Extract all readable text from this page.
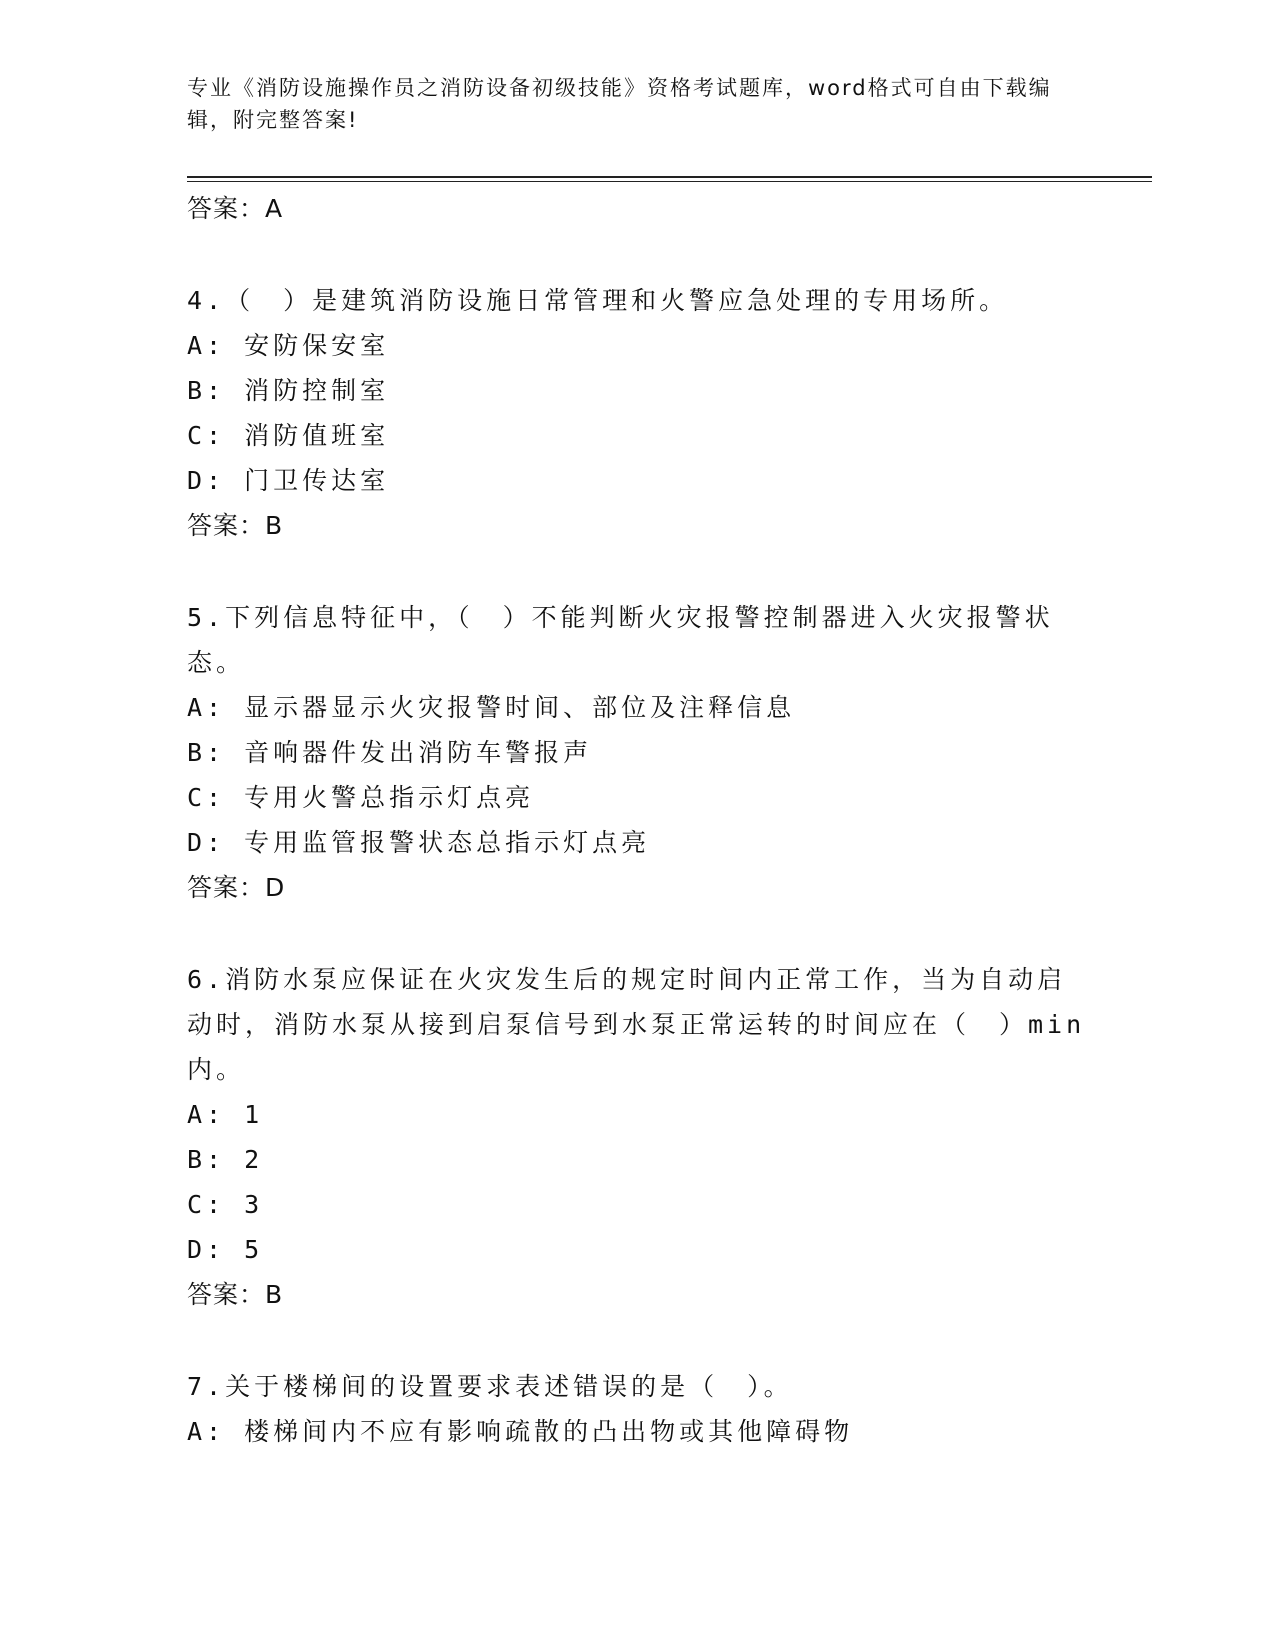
专业《消防设施操作员之消防设备初级技能》资格考试题库，word格式可自由下载编辑，附完整答案!
答案：A
4.（　）是建筑消防设施日常管理和火警应急处理的专用场所。
A: 安防保安室
B: 消防控制室
C: 消防值班室
D: 门卫传达室
答案：B
5.下列信息特征中，（　）不能判断火灾报警控制器进入火灾报警状态。
A: 显示器显示火灾报警时间、部位及注释信息
B: 音响器件发出消防车警报声
C: 专用火警总指示灯点亮
D: 专用监管报警状态总指示灯点亮
答案：D
6.消防水泵应保证在火灾发生后的规定时间内正常工作，当为自动启动时，消防水泵从接到启泵信号到水泵正常运转的时间应在（　）min内。
A: 1
B: 2
C: 3
D: 5
答案：B
7.关于楼梯间的设置要求表述错误的是（　）。
A: 楼梯间内不应有影响疏散的凸出物或其他障碍物
